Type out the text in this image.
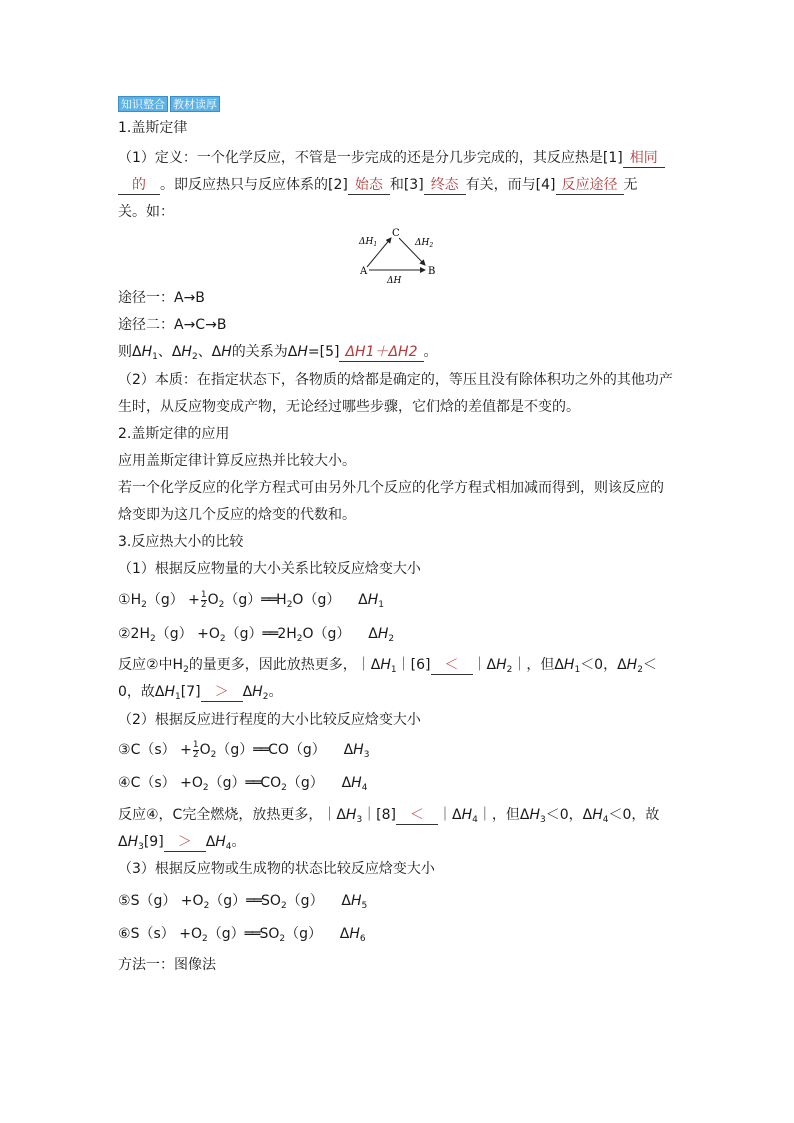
知识整合 教材读厚
1.盖斯定律
（1）定义：一个化学反应，不管是一步完成的还是分几步完成的，其反应热是[1] 相同
的 。即反应热只与反应体系的[2] 始态 和[3] 终态 有关，而与[4] 反应途径 无
关。如：
A	B
C
$\Delta H_1$	$\Delta H_2$
ΔH
途径一：A→B
途径二：A→C→B
则$\Delta H_1$、$\Delta H_2$、ΔH的关系为ΔH=[5] ΔH1＋ΔH2 。
（2）本质：在指定状态下，各物质的焓都是确定的，等压且没有除体积功之外的其他功产
生时，从反应物变成产物，无论经过哪些步骤，它们焓的差值都是不变的。
2.盖斯定律的应用
应用盖斯定律计算反应热并比较大小。
若一个化学反应的化学方程式可由另外几个反应的化学方程式相加减而得到，则该反应的
焓变即为这几个反应的焓变的代数和。
3.反应热大小的比较
（1）根据反应物量的大小关系比较反应焓变大小
$①H_2(g) + \frac{1}{2}$ $O_2(g)══H_2O(g)$ $\Delta H_1$
$②2H_2(g)$ $+O_2(g)══2H_2O(g)$ $\Delta H_2$
反应②中$H_2$的量更多，因此放热更多，$|\Delta H_1|[6]$ ＜ $|\Delta H_2|$，但$\Delta H_1<0$，$\Delta H_2<$
0，故$\Delta H_1[7] > \Delta H_2$。
（2）根据反应进行程度的大小比较反应焓变大小
③C（s） + $\frac{1}{2}$ $O_2(g)══CO(g)$ $\Delta H_3$
④C（s） $+O_2(g)══CO_2(g)$ $\Delta H_4$
反应④，C完全燃烧，放热更多，$|\Delta H_3|[8]$ ＜ $|\Delta H_4|$，但$\Delta H_3<0$，$\Delta H_4<0$，故
$\Delta H_3[9] > \Delta H_4$。
（3）根据反应物或生成物的状态比较反应焓变大小
⑤S（g） $+O_2(g)══SO_2(g)$ $\Delta H_5$
⑥S（s） $+O_2(g)══SO_2(g)$ $\Delta H_6$
方法一：图像法
